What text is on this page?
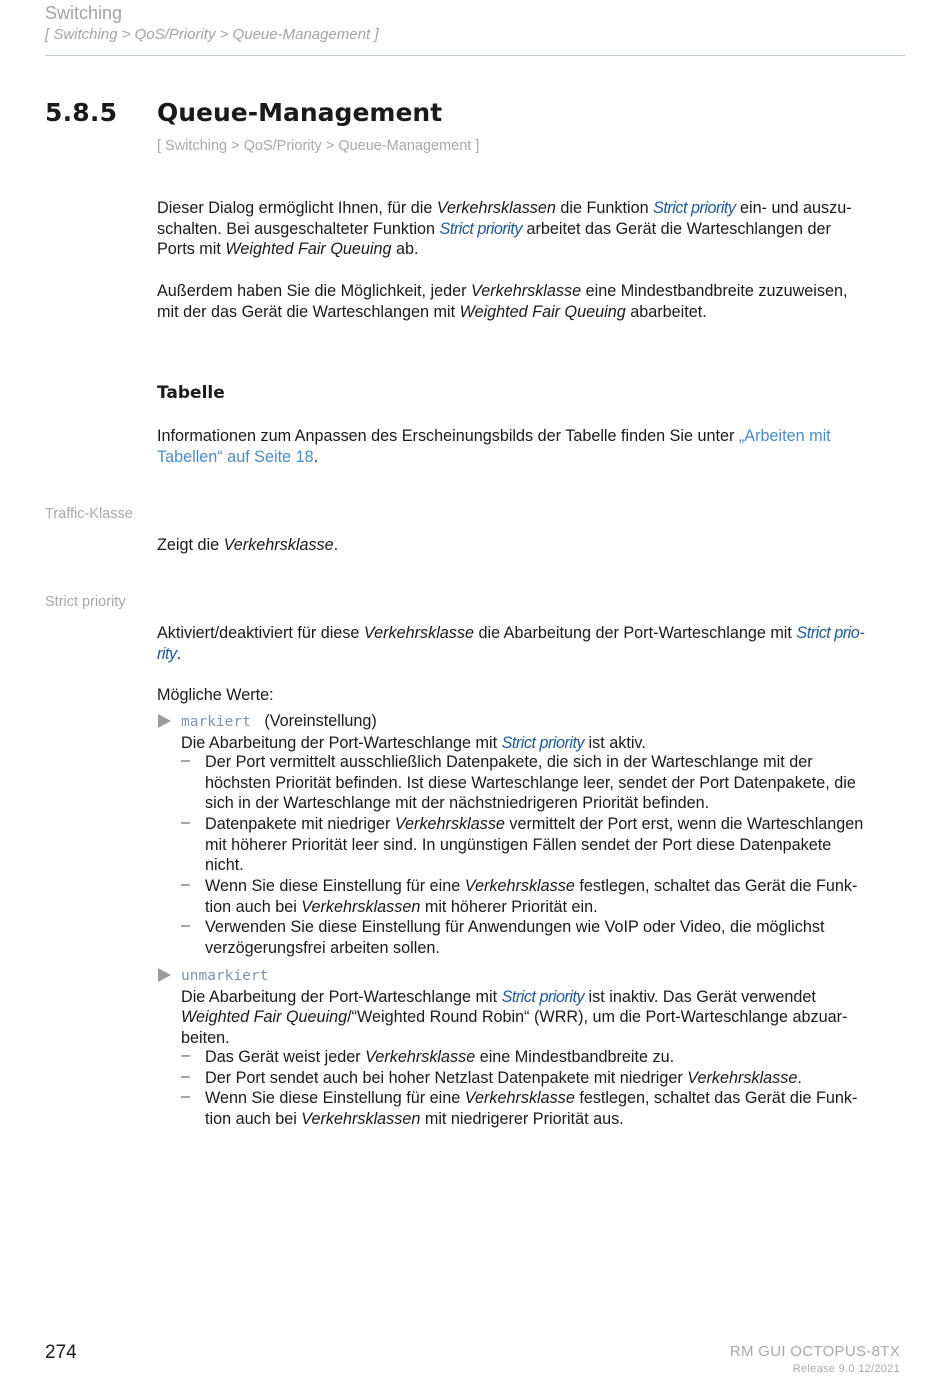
Switching
[ Switching > QoS/Priority > Queue-Management ]
5.8.5 Queue-Management
[ Switching > QoS/Priority > Queue-Management ]
Dieser Dialog ermöglicht Ihnen, für die Verkehrsklassen die Funktion Strict priority ein- und auszu-
schalten. Bei ausgeschalteter Funktion Strict priority arbeitet das Gerät die Warteschlangen der
Ports mit Weighted Fair Queuing ab.
Außerdem haben Sie die Möglichkeit, jeder Verkehrsklasse eine Mindestbandbreite zuzuweisen,
mit der das Gerät die Warteschlangen mit Weighted Fair Queuing abarbeitet.
Tabelle
Informationen zum Anpassen des Erscheinungsbilds der Tabelle finden Sie unter „Arbeiten mit
Tabellen“ auf Seite 18.
Traffic-Klasse
Zeigt die Verkehrsklasse.
Strict priority
Aktiviert/deaktiviert für diese Verkehrsklasse die Abarbeitung der Port-Warteschlange mit Strict prio-
rity.
Mögliche Werte:
markiert (Voreinstellung)
Die Abarbeitung der Port-Warteschlange mit Strict priority ist aktiv.
– Der Port vermittelt ausschließlich Datenpakete, die sich in der Warteschlange mit der
höchsten Priorität befinden. Ist diese Warteschlange leer, sendet der Port Datenpakete, die
sich in der Warteschlange mit der nächstniedrigeren Priorität befinden.
– Datenpakete mit niedriger Verkehrsklasse vermittelt der Port erst, wenn die Warteschlangen
mit höherer Priorität leer sind. In ungünstigen Fällen sendet der Port diese Datenpakete
nicht.
– Wenn Sie diese Einstellung für eine Verkehrsklasse festlegen, schaltet das Gerät die Funk-
tion auch bei Verkehrsklassen mit höherer Priorität ein.
– Verwenden Sie diese Einstellung für Anwendungen wie VoIP oder Video, die möglichst
verzögerungsfrei arbeiten sollen.
unmarkiert
Die Abarbeitung der Port-Warteschlange mit Strict priority ist inaktiv. Das Gerät verwendet
Weighted Fair Queuing/“Weighted Round Robin“ (WRR), um die Port-Warteschlange abzuar-
beiten.
– Das Gerät weist jeder Verkehrsklasse eine Mindestbandbreite zu.
– Der Port sendet auch bei hoher Netzlast Datenpakete mit niedriger Verkehrsklasse.
– Wenn Sie diese Einstellung für eine Verkehrsklasse festlegen, schaltet das Gerät die Funk-
tion auch bei Verkehrsklassen mit niedrigerer Priorität aus.
274	RM GUI OCTOPUS-8TX
Release 9.0 12/2021
